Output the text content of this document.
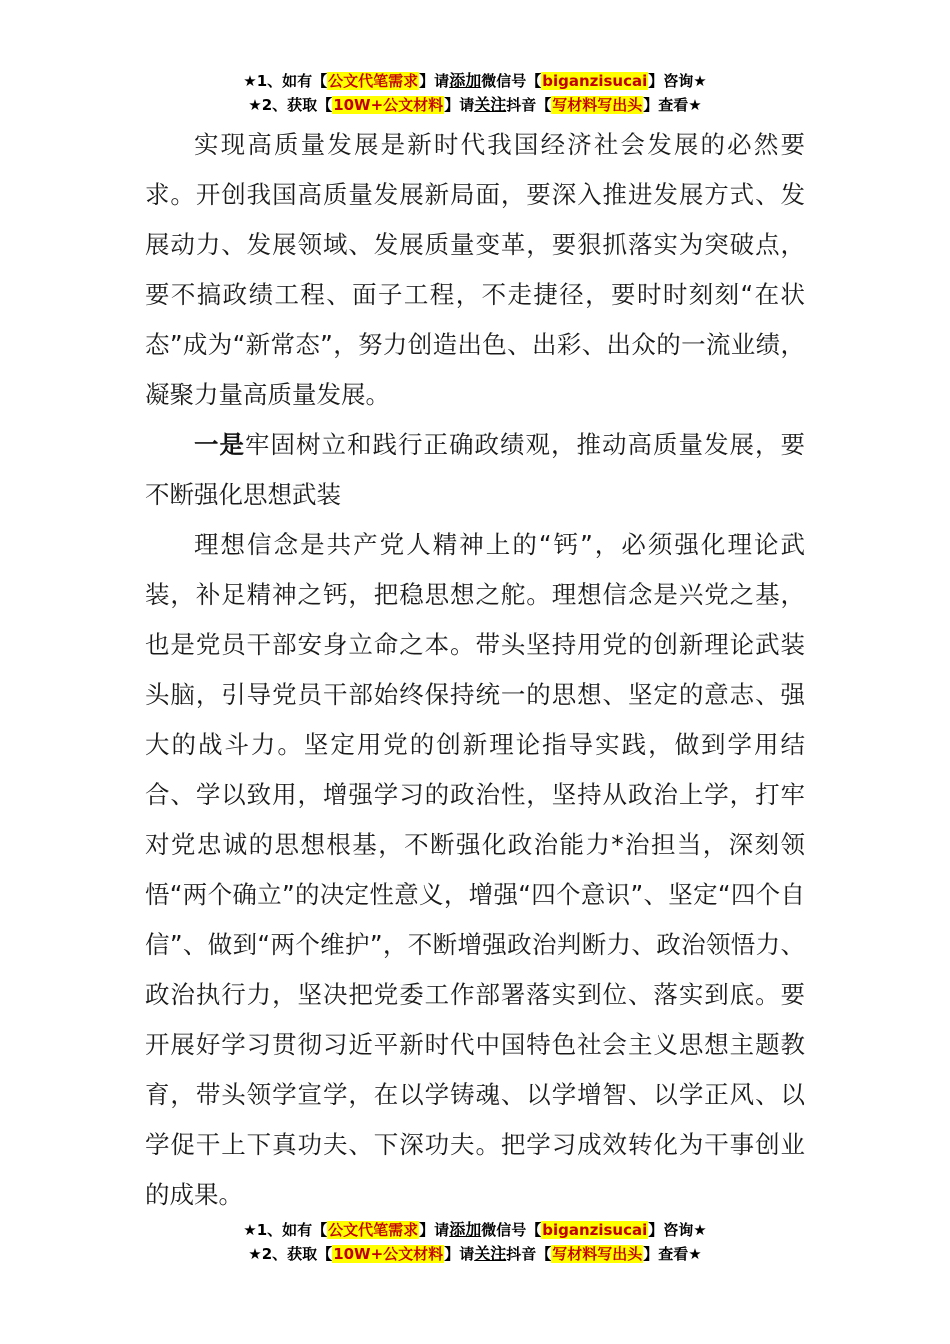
★1、如有【公文代笔需求】请添加微信号【biganzisucai】咨询★
★2、获取【10W+公文材料】请关注抖音【写材料写出头】查看★

实现高质量发展是新时代我国经济社会发展的必然要求。开创我国高质量发展新局面，要深入推进发展方式、发展动力、发展领域、发展质量变革，要狠抓落实为突破点，要不搞政绩工程、面子工程，不走捷径，要时时刻刻“在状态”成为“新常态”，努力创造出色、出彩、出众的一流业绩，凝聚力量高质量发展。

一是牢固树立和践行正确政绩观，推动高质量发展，要不断强化思想武装

理想信念是共产党人精神上的“钙”，必须强化理论武装，补足精神之钙，把稳思想之舵。理想信念是兴党之基，也是党员干部安身立命之本。带头坚持用党的创新理论武装头脑，引导党员干部始终保持统一的思想、坚定的意志、强大的战斗力。坚定用党的创新理论指导实践，做到学用结合、学以致用，增强学习的政治性，坚持从政治上学，打牢对党忠诚的思想根基，不断强化政治能力*治担当，深刻领悟“两个确立”的决定性意义，增强“四个意识”、坚定“四个自信”、做到“两个维护”，不断增强政治判断力、政治领悟力、政治执行力，坚决把党委工作部署落实到位、落实到底。要开展好学习贯彻习近平新时代中国特色社会主义思想主题教育，带头领学宣学，在以学铸魂、以学增智、以学正风、以学促干上下真功夫、下深功夫。把学习成效转化为干事创业的成果。

★1、如有【公文代笔需求】请添加微信号【biganzisucai】咨询★
★2、获取【10W+公文材料】请关注抖音【写材料写出头】查看★
